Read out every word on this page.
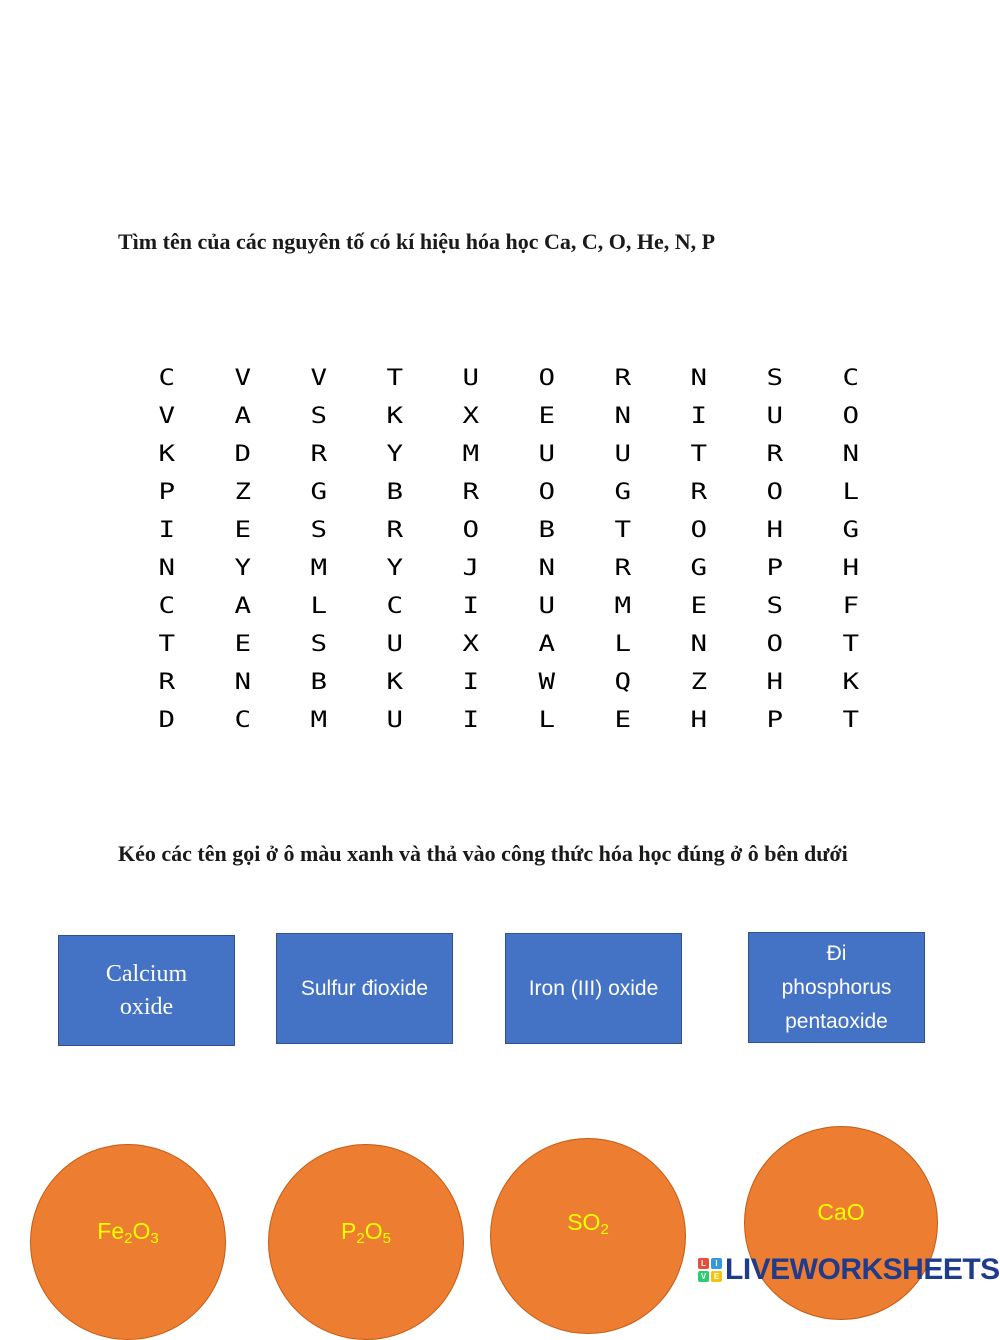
Tìm tên của các nguyên tố có kí hiệu hóa học Ca, C, O, He, N, P
C	V	V	T	U	O	R	N	S	C
V	A	S	K	X	E	N	I	U	O
K	D	R	Y	M	U	U	T	R	N
P	Z	G	B	R	O	G	R	O	L
I	E	S	R	O	B	T	O	H	G
N	Y	M	Y	J	N	R	G	P	H
C	A	L	C	I	U	M	E	S	F
T	E	S	U	X	A	L	N	O	T
R	N	B	K	I	W	Q	Z	H	K
D	C	M	U	I	L	E	H	P	T
Kéo các tên gọi ở ô màu xanh và thả vào công thức hóa học đúng ở ô bên dưới
Calcium
oxide
Sulfur đioxide	Iron (III) oxide
Đi
phosphorus
pentaoxide
$Fe_2O_3$	$P_2O_5$
$SO_2$
CaO
L	I
V E LIVEWORKSHEETS
